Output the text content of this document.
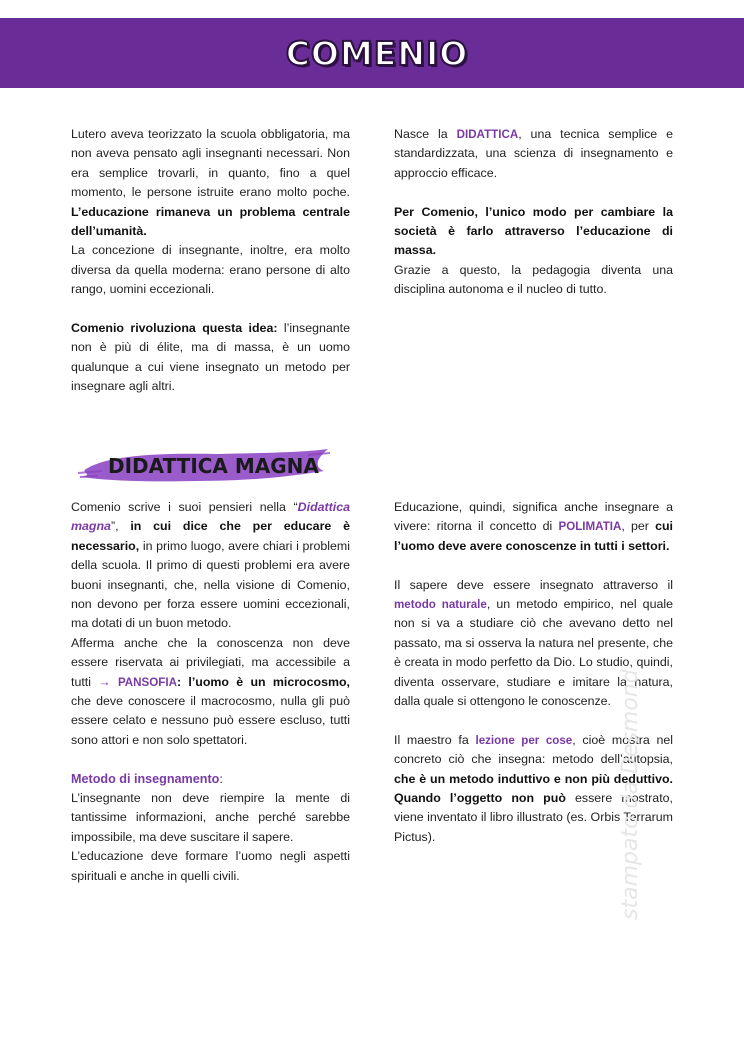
COMENIO

Lutero aveva teorizzato la scuola obbligatoria, ma non aveva pensato agli insegnanti necessari. Non era semplice trovarli, in quanto, fino a quel momento, le persone istruite erano molto poche. L’educazione rimaneva un problema centrale dell’umanità.

La concezione di insegnante, inoltre, era molto diversa da quella moderna: erano persone di alto rango, uomini eccezionali.

Comenio rivoluziona questa idea: l’insegnante non è più di élite, ma di massa, è un uomo qualunque a cui viene insegnato un metodo per insegnare agli altri.

Nasce la DIDATTICA, una tecnica semplice e standardizzata, una scienza di insegnamento e approccio efficace.

Per Comenio, l’unico modo per cambiare la società è farlo attraverso l’educazione di massa.

Grazie a questo, la pedagogia diventa una disciplina autonoma e il nucleo di tutto.

DIDATTICA MAGNA

Comenio scrive i suoi pensieri nella “Didattica magna”, in cui dice che per educare è necessario, in primo luogo, avere chiari i problemi della scuola. Il primo di questi problemi era avere buoni insegnanti, che, nella visione di Comenio, non devono per forza essere uomini eccezionali, ma dotati di un buon metodo.

Afferma anche che la conoscenza non deve essere riservata ai privilegiati, ma accessibile a tutti → PANSOFIA: l’uomo è un microcosmo, che deve conoscere il macrocosmo, nulla gli può essere celato e nessuno può essere escluso, tutti sono attori e non solo spettatori.

Metodo di insegnamento:

L’insegnante non deve riempire la mente di tantissime informazioni, anche perché sarebbe impossibile, ma deve suscitare il sapere.

L’educazione deve formare l’uomo negli aspetti spirituali e anche in quelli civili.

Educazione, quindi, significa anche insegnare a vivere: ritorna il concetto di POLIMATIA, per cui l’uomo deve avere conoscenze in tutti i settori.

Il sapere deve essere insegnato attraverso il metodo naturale, un metodo empirico, nel quale non si va a studiare ciò che avevano detto nel passato, ma si osserva la natura nel presente, che è creata in modo perfetto da Dio. Lo studio, quindi, diventa osservare, studiare e imitare la natura, dalla quale si ottengono le conoscenze.

Il maestro fa lezione per cose, cioè mostra nel concreto ciò che insegna: metodo dell’autopsia, che è un metodo induttivo e non più deduttivo. Quando l’oggetto non può essere mostrato, viene inventato il libro illustrato (es. Orbis Terrarum Pictus).	stampato da Desmond
